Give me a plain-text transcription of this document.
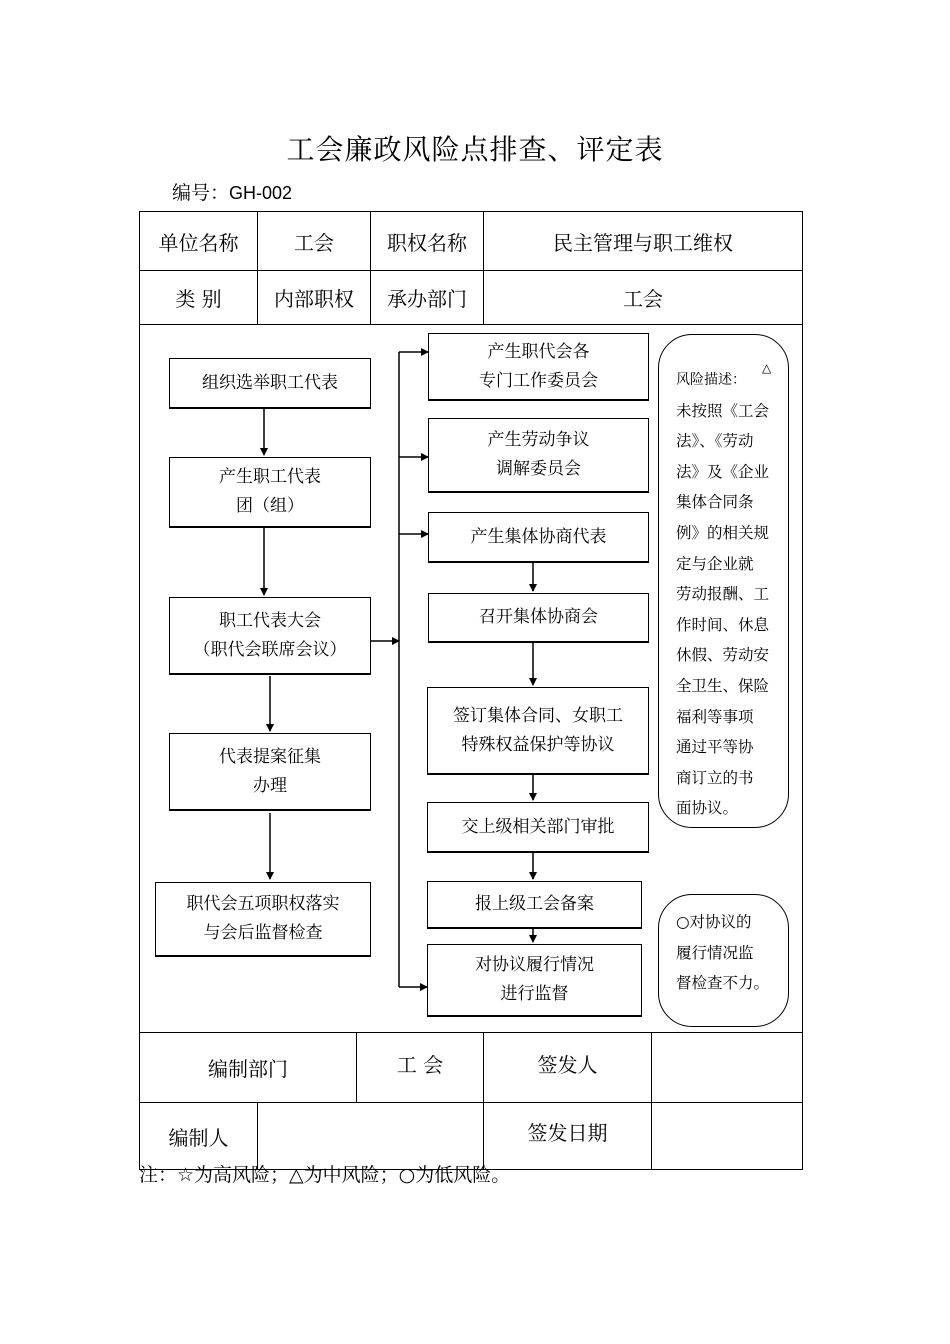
工会廉政风险点排查、评定表
编号：GH-002
单位名称	工会	职权名称	民主管理与职工维权
类 别	内部职权	承办部门	工会
组织选举职工代表
产生职工代表
团（组）
职工代表大会
（职代会联席会议）
代表提案征集
办理
职代会五项职权落实
与会后监督检查
产生职代会各
专门工作委员会
产生劳动争议
调解委员会
产生集体协商代表
召开集体协商会
签订集体合同、女职工
特殊权益保护等协议
交上级相关部门审批
报上级工会备案
对协议履行情况
进行监督
风险描述：
△
未按照《工会
法》、《劳动
法》及《企业
集体合同条
例》的相关规
定与企业就
劳动报酬、工
作时间、休息
休假、劳动安
全卫生、保险
福利等事项
通过平等协
商订立的书
面协议。
○对协议的
履行情况监
督检查不力。
编制部门	工 会	签发人
编制人	签发日期
注：☆为高风险；△为中风险；○为低风险。
